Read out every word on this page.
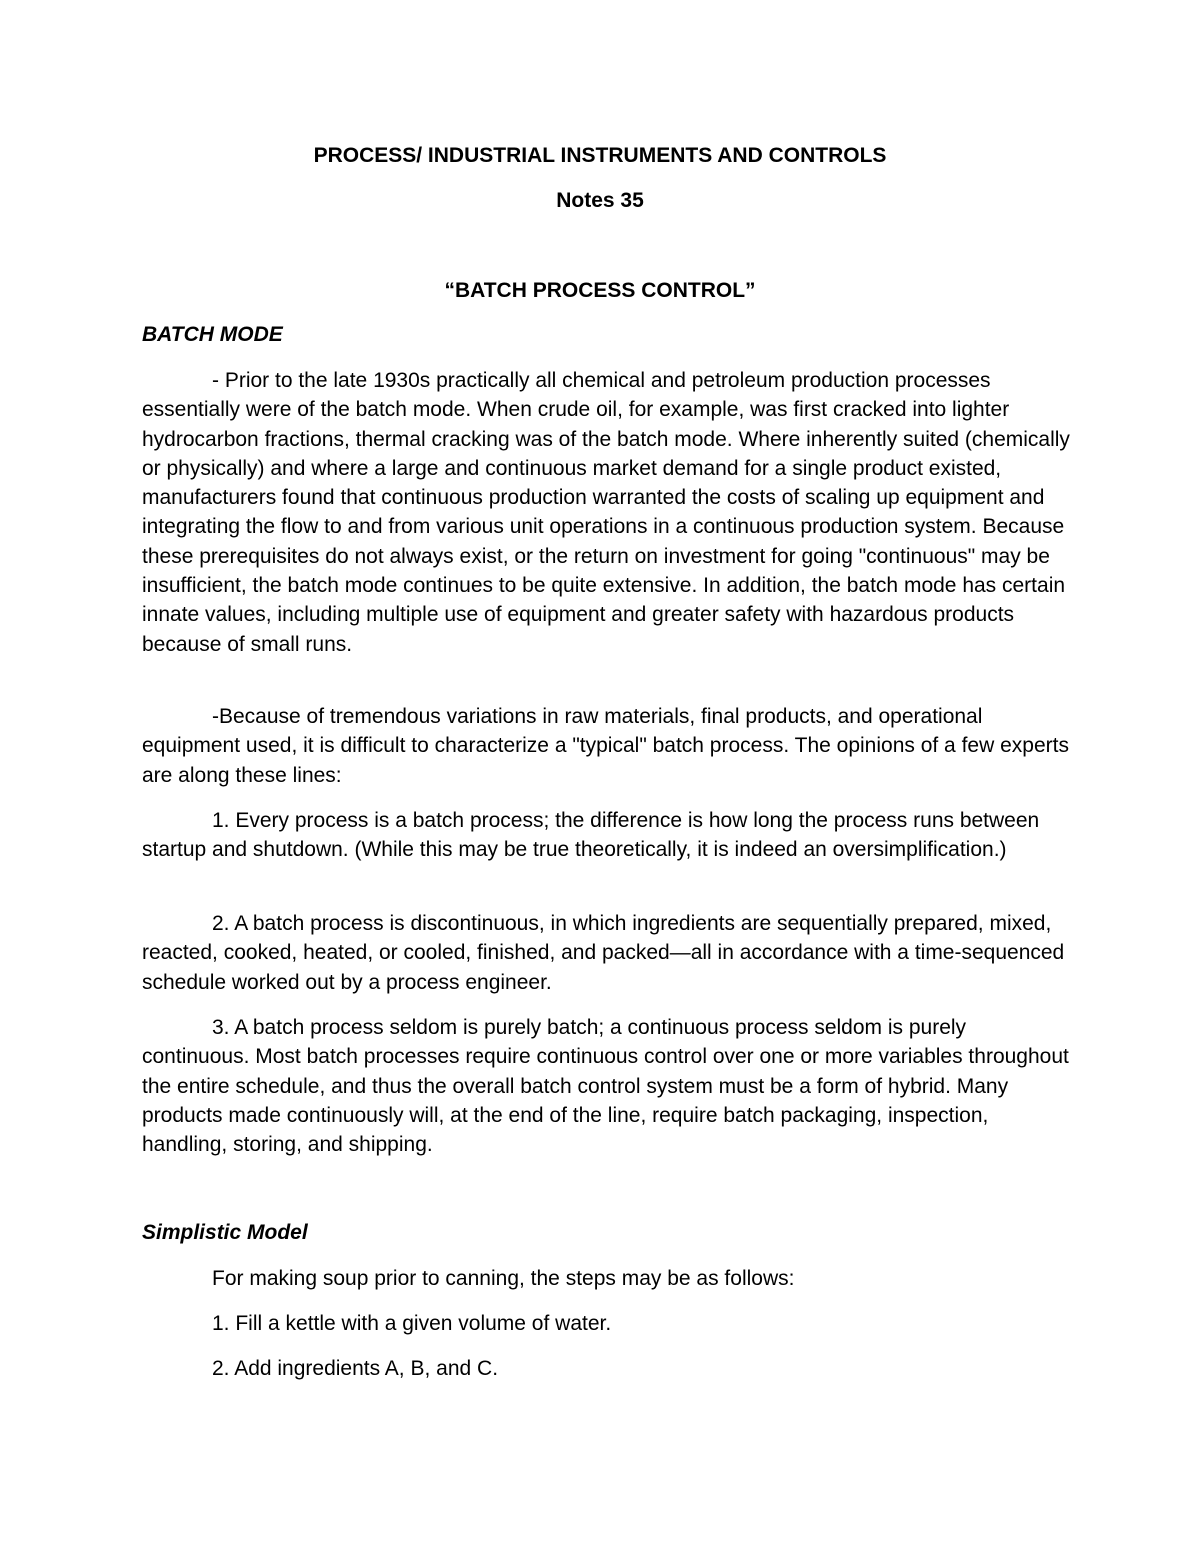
PROCESS/ INDUSTRIAL INSTRUMENTS AND CONTROLS

Notes 35

“BATCH PROCESS CONTROL”

BATCH MODE

- Prior to the late 1930s practically all chemical and petroleum production processes essentially were of the batch mode. When crude oil, for example, was first cracked into lighter hydrocarbon fractions, thermal cracking was of the batch mode. Where inherently suited (chemically or physically) and where a large and continuous market demand for a single product existed, manufacturers found that continuous production warranted the costs of scaling up equipment and integrating the flow to and from various unit operations in a continuous production system. Because these prerequisites do not always exist, or the return on investment for going "continuous" may be insufficient, the batch mode continues to be quite extensive. In addition, the batch mode has certain innate values, including multiple use of equipment and greater safety with hazardous products because of small runs.

-Because of tremendous variations in raw materials, final products, and operational equipment used, it is difficult to characterize a "typical" batch process. The opinions of a few experts are along these lines:

1. Every process is a batch process; the difference is how long the process runs between startup and shutdown. (While this may be true theoretically, it is indeed an oversimplification.)

2. A batch process is discontinuous, in which ingredients are sequentially prepared, mixed, reacted, cooked, heated, or cooled, finished, and packed—all in accordance with a time-sequenced schedule worked out by a process engineer.

3. A batch process seldom is purely batch; a continuous process seldom is purely continuous. Most batch processes require continuous control over one or more variables throughout the entire schedule, and thus the overall batch control system must be a form of hybrid. Many products made continuously will, at the end of the line, require batch packaging, inspection, handling, storing, and shipping.

Simplistic Model

For making soup prior to canning, the steps may be as follows:

1. Fill a kettle with a given volume of water.

2. Add ingredients A, B, and C.
